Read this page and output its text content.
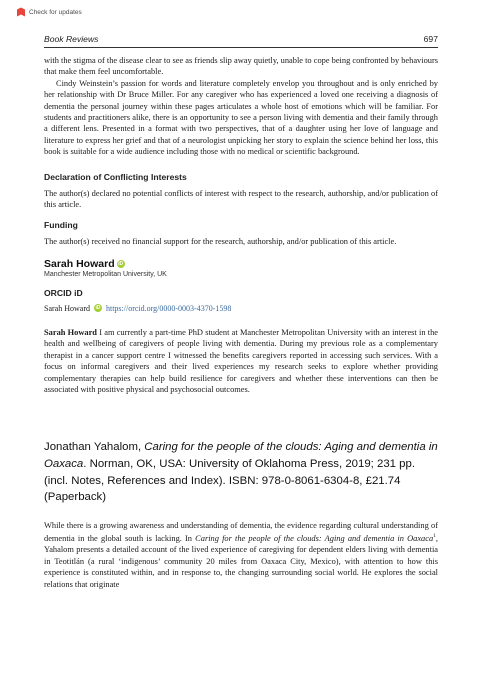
Check for updates
Book Reviews	697

with the stigma of the disease clear to see as friends slip away quietly, unable to cope being confronted by behaviours that make them feel uncomfortable.

Cindy Weinstein’s passion for words and literature completely envelop you throughout and is only enriched by her relationship with Dr Bruce Miller. For any caregiver who has experienced a loved one receiving a diagnosis of dementia the personal journey within these pages articulates a whole host of emotions which will be familiar. For students and practitioners alike, there is an opportunity to see a person living with dementia and their family through a different lens. Presented in a format with two perspectives, that of a daughter using her love of language and literature to express her grief and that of a neurologist unpicking her story to explain the science behind her loss, this book is suitable for a wide audience including those with no medical or scientific background.

Declaration of Conflicting Interests

The author(s) declared no potential conflicts of interest with respect to the research, authorship, and/or publication of this article.

Funding

The author(s) received no financial support for the research, authorship, and/or publication of this article.

Sarah Howard iD
Manchester Metropolitan University, UK
ORCID iD
Sarah Howard	iD https://orcid.org/0000-0003-4370-1598

Sarah Howard I am currently a part-time PhD student at Manchester Metropolitan University with an interest in the health and wellbeing of caregivers of people living with dementia. During my previous role as a complementary therapist in a cancer support centre I witnessed the benefits caregivers reported in accessing such services. With a focus on informal caregivers and their lived experiences my research seeks to explore whether providing complementary therapies can help build resilience for caregivers and whether these interventions can then be associated with positive physical and psychosocial outcomes.

Jonathan Yahalom, Caring for the people of the clouds: Aging and dementia in Oaxaca. Norman, OK, USA: University of Oklahoma Press, 2019; 231 pp. (incl. Notes, References and Index). ISBN: 978-0-8061-6304-8, £21.74 (Paperback)

While there is a growing awareness and understanding of dementia, the evidence regarding cultural understanding of dementia in the global south is lacking. In Caring for the people of the clouds: Aging and dementia in Oaxaca$^1$, Yahalom presents a detailed account of the lived experience of caregiving for dependent elders living with dementia in Teotitlán (a rural ‘indigenous’ community 20 miles from Oaxaca City, Mexico), with attention to how this experience is constituted within, and in response to, the changing surrounding social world. He explores the social relations that originate
